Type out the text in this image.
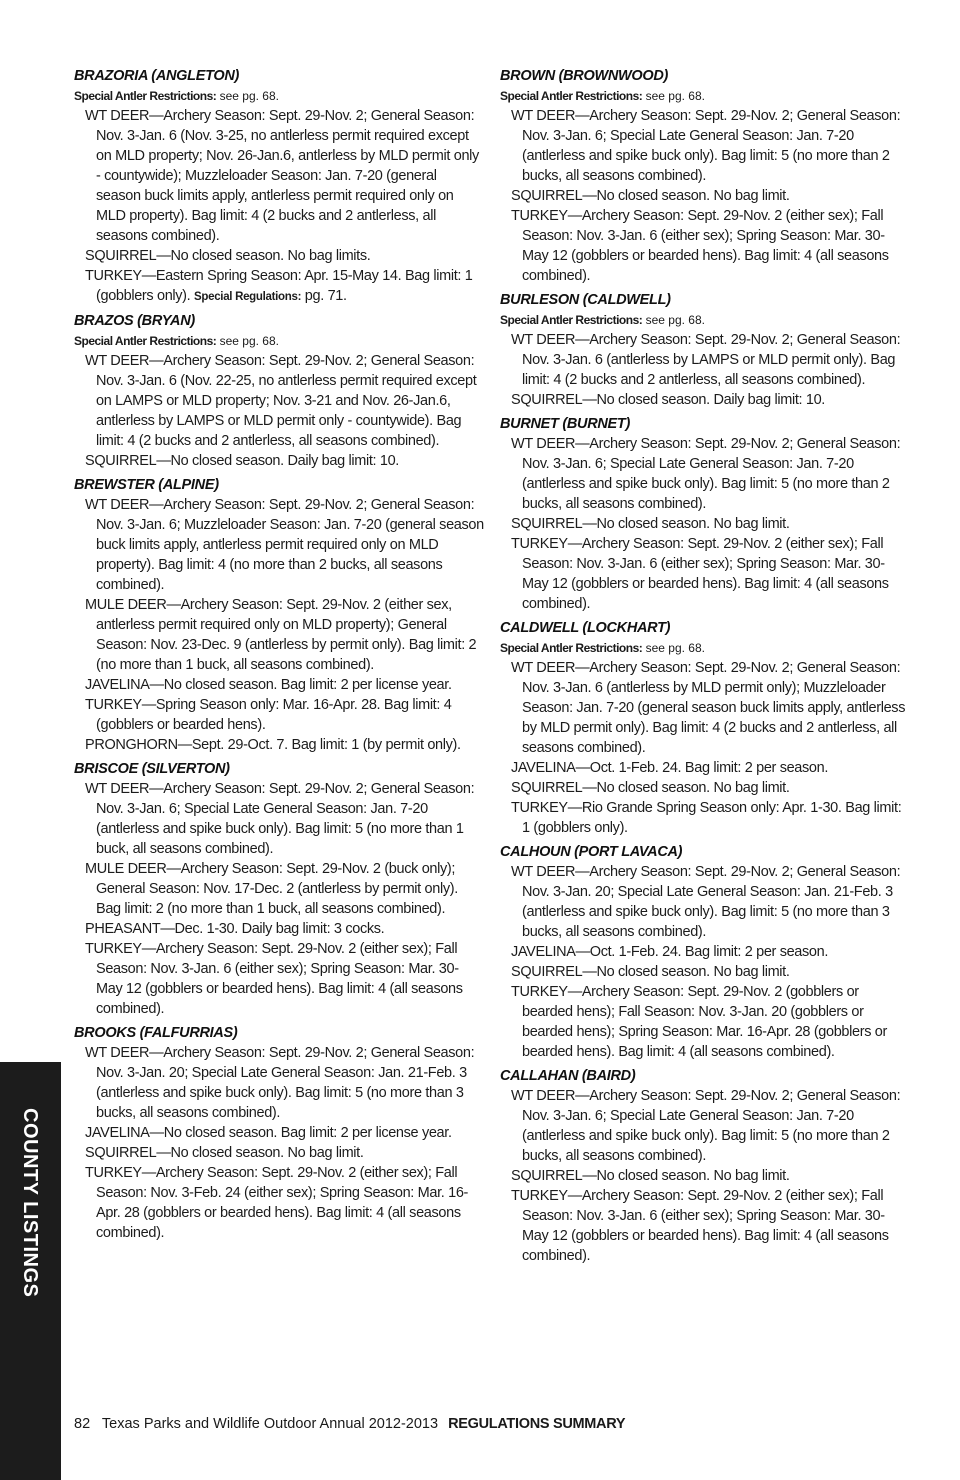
COUNTY LISTINGS
BRAZORIA (ANGLETON)
Special Antler Restrictions: see pg. 68.
WT DEER—Archery Season: Sept. 29-Nov. 2; General Season: Nov. 3-Jan. 6 (Nov. 3-25, no antlerless permit required except on MLD property; Nov. 26-Jan.6, antlerless by MLD permit only - countywide); Muzzleloader Season: Jan. 7-20 (general season buck limits apply, antlerless permit required only on MLD property). Bag limit: 4 (2 bucks and 2 antlerless, all seasons combined).
SQUIRREL—No closed season. No bag limits.
TURKEY—Eastern Spring Season: Apr. 15-May 14. Bag limit: 1 (gobblers only). Special Regulations: pg. 71.
BRAZOS (BRYAN)
Special Antler Restrictions: see pg. 68.
WT DEER—Archery Season: Sept. 29-Nov. 2; General Season: Nov. 3-Jan. 6 (Nov. 22-25, no antlerless permit required except on LAMPS or MLD property; Nov. 3-21 and Nov. 26-Jan.6, antlerless by LAMPS or MLD permit only - countywide). Bag limit: 4 (2 bucks and 2 antlerless, all seasons combined).
SQUIRREL—No closed season. Daily bag limit: 10.
BREWSTER (ALPINE)
WT DEER—Archery Season: Sept. 29-Nov. 2; General Season: Nov. 3-Jan. 6; Muzzleloader Season: Jan. 7-20 (general season buck limits apply, antlerless permit required only on MLD property). Bag limit: 4 (no more than 2 bucks, all seasons combined).
MULE DEER—Archery Season: Sept. 29-Nov. 2 (either sex, antlerless permit required only on MLD property); General Season: Nov. 23-Dec. 9 (antlerless by permit only). Bag limit: 2 (no more than 1 buck, all seasons combined).
JAVELINA—No closed season. Bag limit: 2 per license year.
TURKEY—Spring Season only: Mar. 16-Apr. 28. Bag limit: 4 (gobblers or bearded hens).
PRONGHORN—Sept. 29-Oct. 7. Bag limit: 1 (by permit only).
BRISCOE (SILVERTON)
WT DEER—Archery Season: Sept. 29-Nov. 2; General Season: Nov. 3-Jan. 6; Special Late General Season: Jan. 7-20 (antlerless and spike buck only). Bag limit: 5 (no more than 1 buck, all seasons combined).
MULE DEER—Archery Season: Sept. 29-Nov. 2 (buck only); General Season: Nov. 17-Dec. 2 (antlerless by permit only). Bag limit: 2 (no more than 1 buck, all seasons combined).
PHEASANT—Dec. 1-30. Daily bag limit: 3 cocks.
TURKEY—Archery Season: Sept. 29-Nov. 2 (either sex); Fall Season: Nov. 3-Jan. 6 (either sex); Spring Season: Mar. 30-May 12 (gobblers or bearded hens). Bag limit: 4 (all seasons combined).
BROOKS (FALFURRIAS)
WT DEER—Archery Season: Sept. 29-Nov. 2; General Season: Nov. 3-Jan. 20; Special Late General Season: Jan. 21-Feb. 3 (antlerless and spike buck only). Bag limit: 5 (no more than 3 bucks, all seasons combined).
JAVELINA—No closed season. Bag limit: 2 per license year.
SQUIRREL—No closed season. No bag limit.
TURKEY—Archery Season: Sept. 29-Nov. 2 (either sex); Fall Season: Nov. 3-Feb. 24 (either sex); Spring Season: Mar. 16-Apr. 28 (gobblers or bearded hens). Bag limit: 4 (all seasons combined).
BROWN (BROWNWOOD)
Special Antler Restrictions: see pg. 68.
WT DEER—Archery Season: Sept. 29-Nov. 2; General Season: Nov. 3-Jan. 6; Special Late General Season: Jan. 7-20 (antlerless and spike buck only). Bag limit: 5 (no more than 2 bucks, all seasons combined).
SQUIRREL—No closed season. No bag limit.
TURKEY—Archery Season: Sept. 29-Nov. 2 (either sex); Fall Season: Nov. 3-Jan. 6 (either sex); Spring Season: Mar. 30-May 12 (gobblers or bearded hens). Bag limit: 4 (all seasons combined).
BURLESON (CALDWELL)
Special Antler Restrictions: see pg. 68.
WT DEER—Archery Season: Sept. 29-Nov. 2; General Season: Nov. 3-Jan. 6 (antlerless by LAMPS or MLD permit only). Bag limit: 4 (2 bucks and 2 antlerless, all seasons combined).
SQUIRREL—No closed season. Daily bag limit: 10.
BURNET (BURNET)
WT DEER—Archery Season: Sept. 29-Nov. 2; General Season: Nov. 3-Jan. 6; Special Late General Season: Jan. 7-20 (antlerless and spike buck only). Bag limit: 5 (no more than 2 bucks, all seasons combined).
SQUIRREL—No closed season. No bag limit.
TURKEY—Archery Season: Sept. 29-Nov. 2 (either sex); Fall Season: Nov. 3-Jan. 6 (either sex); Spring Season: Mar. 30-May 12 (gobblers or bearded hens). Bag limit: 4 (all seasons combined).
CALDWELL (LOCKHART)
Special Antler Restrictions: see pg. 68.
WT DEER—Archery Season: Sept. 29-Nov. 2; General Season: Nov. 3-Jan. 6 (antlerless by MLD permit only); Muzzleloader Season: Jan. 7-20 (general season buck limits apply, antlerless by MLD permit only). Bag limit: 4 (2 bucks and 2 antlerless, all seasons combined).
JAVELINA—Oct. 1-Feb. 24. Bag limit: 2 per season.
SQUIRREL—No closed season. No bag limit.
TURKEY—Rio Grande Spring Season only: Apr. 1-30. Bag limit: 1 (gobblers only).
CALHOUN (PORT LAVACA)
WT DEER—Archery Season: Sept. 29-Nov. 2; General Season: Nov. 3-Jan. 20; Special Late General Season: Jan. 21-Feb. 3 (antlerless and spike buck only). Bag limit: 5 (no more than 3 bucks, all seasons combined).
JAVELINA—Oct. 1-Feb. 24. Bag limit: 2 per season.
SQUIRREL—No closed season. No bag limit.
TURKEY—Archery Season: Sept. 29-Nov. 2 (gobblers or bearded hens); Fall Season: Nov. 3-Jan. 20 (gobblers or bearded hens); Spring Season: Mar. 16-Apr. 28 (gobblers or bearded hens). Bag limit: 4 (all seasons combined).
CALLAHAN (BAIRD)
WT DEER—Archery Season: Sept. 29-Nov. 2; General Season: Nov. 3-Jan. 6; Special Late General Season: Jan. 7-20 (antlerless and spike buck only). Bag limit: 5 (no more than 2 bucks, all seasons combined).
SQUIRREL—No closed season. No bag limit.
TURKEY—Archery Season: Sept. 29-Nov. 2 (either sex); Fall Season: Nov. 3-Jan. 6 (either sex); Spring Season: Mar. 30-May 12 (gobblers or bearded hens). Bag limit: 4 (all seasons combined).
82 Texas Parks and Wildlife Outdoor Annual 2012-2013 REGULATIONS SUMMARY
